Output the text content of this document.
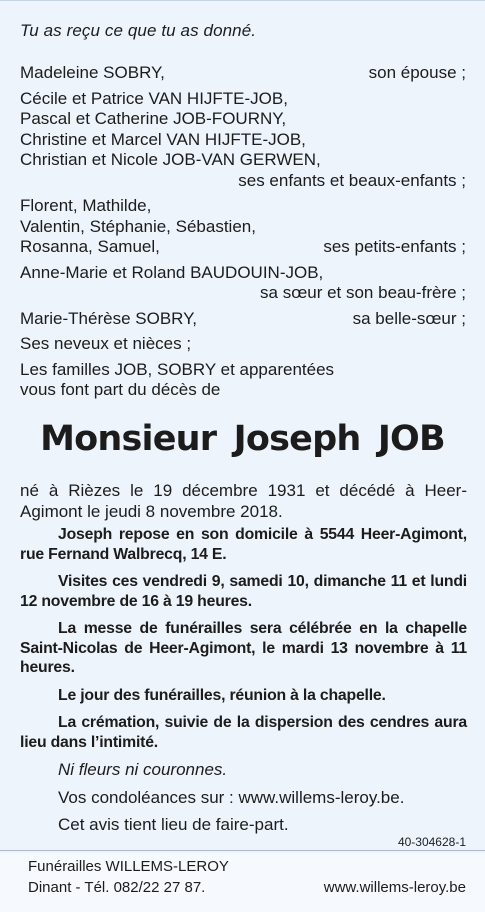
Tu as reçu ce que tu as donné.
Madeleine SOBRY,	son épouse ;
Cécile et Patrice VAN HIJFTE-JOB,
Pascal et Catherine JOB-FOURNY,
Christine et Marcel VAN HIJFTE-JOB,
Christian et Nicole JOB-VAN GERWEN,
ses enfants et beaux-enfants ;
Florent, Mathilde,
Valentin, Stéphanie, Sébastien,
Rosanna, Samuel,	ses petits-enfants ;
Anne-Marie et Roland BAUDOUIN-JOB,
sa sœur et son beau-frère ;
Marie-Thérèse SOBRY,	sa belle-sœur ;
Ses neveux et nièces ;
Les familles JOB, SOBRY et apparentées
vous font part du décès de
Monsieur Joseph JOB
né à Rièzes le 19 décembre 1931 et décédé à Heer-Agimont le jeudi 8 novembre 2018.

Joseph repose en son domicile à 5544 Heer-Agimont, rue Fernand Walbrecq, 14 E.

Visites ces vendredi 9, samedi 10, dimanche 11 et lundi 12 novembre de 16 à 19 heures.

La messe de funérailles sera célébrée en la chapelle Saint-Nicolas de Heer-Agimont, le mardi 13 novembre à 11 heures.

Le jour des funérailles, réunion à la chapelle.

La crémation, suivie de la dispersion des cendres aura lieu dans l’intimité.

Ni fleurs ni couronnes.

Vos condoléances sur : www.willems-leroy.be.

Cet avis tient lieu de faire-part.

40-304628-1
Funérailles WILLEMS-LEROY
Dinant - Tél. 082/22 27 87.	www.willems-leroy.be
